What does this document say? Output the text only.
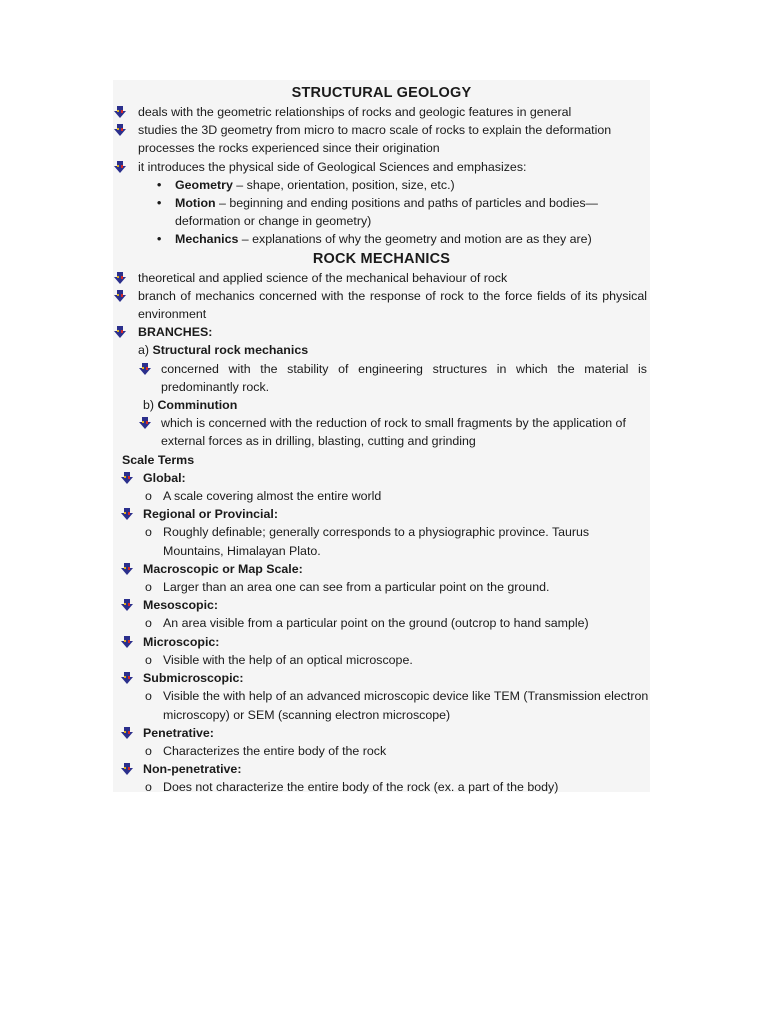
STRUCTURAL GEOLOGY

deals with the geometric relationships of rocks and geologic features in general

studies the 3D geometry from micro to macro scale of rocks to explain the deformation processes the rocks experienced since their origination

it introduces the physical side of Geological Sciences and emphasizes:

• Geometry – shape, orientation, position, size, etc.)

• Motion – beginning and ending positions and paths of particles and bodies—deformation or change in geometry)

• Mechanics – explanations of why the geometry and motion are as they are)

ROCK MECHANICS

theoretical and applied science of the mechanical behaviour of rock

branch of mechanics concerned with the response of rock to the force fields of its physical environment

BRANCHES:

a) Structural rock mechanics

concerned with the stability of engineering structures in which the material is predominantly rock.

b) Comminution

which is concerned with the reduction of rock to small fragments by the application of external forces as in drilling, blasting, cutting and grinding

Scale Terms

Global:

o A scale covering almost the entire world

Regional or Provincial:

o Roughly definable; generally corresponds to a physiographic province. Taurus Mountains, Himalayan Plato.

Macroscopic or Map Scale:

o Larger than an area one can see from a particular point on the ground.

Mesoscopic:

o An area visible from a particular point on the ground (outcrop to hand sample)

Microscopic:

o Visible with the help of an optical microscope.

Submicroscopic:

o Visible the with help of an advanced microscopic device like TEM (Transmission electron microscopy) or SEM (scanning electron microscope)

Penetrative:

o Characterizes the entire body of the rock

Non-penetrative:

o Does not characterize the entire body of the rock (ex. a part of the body)
